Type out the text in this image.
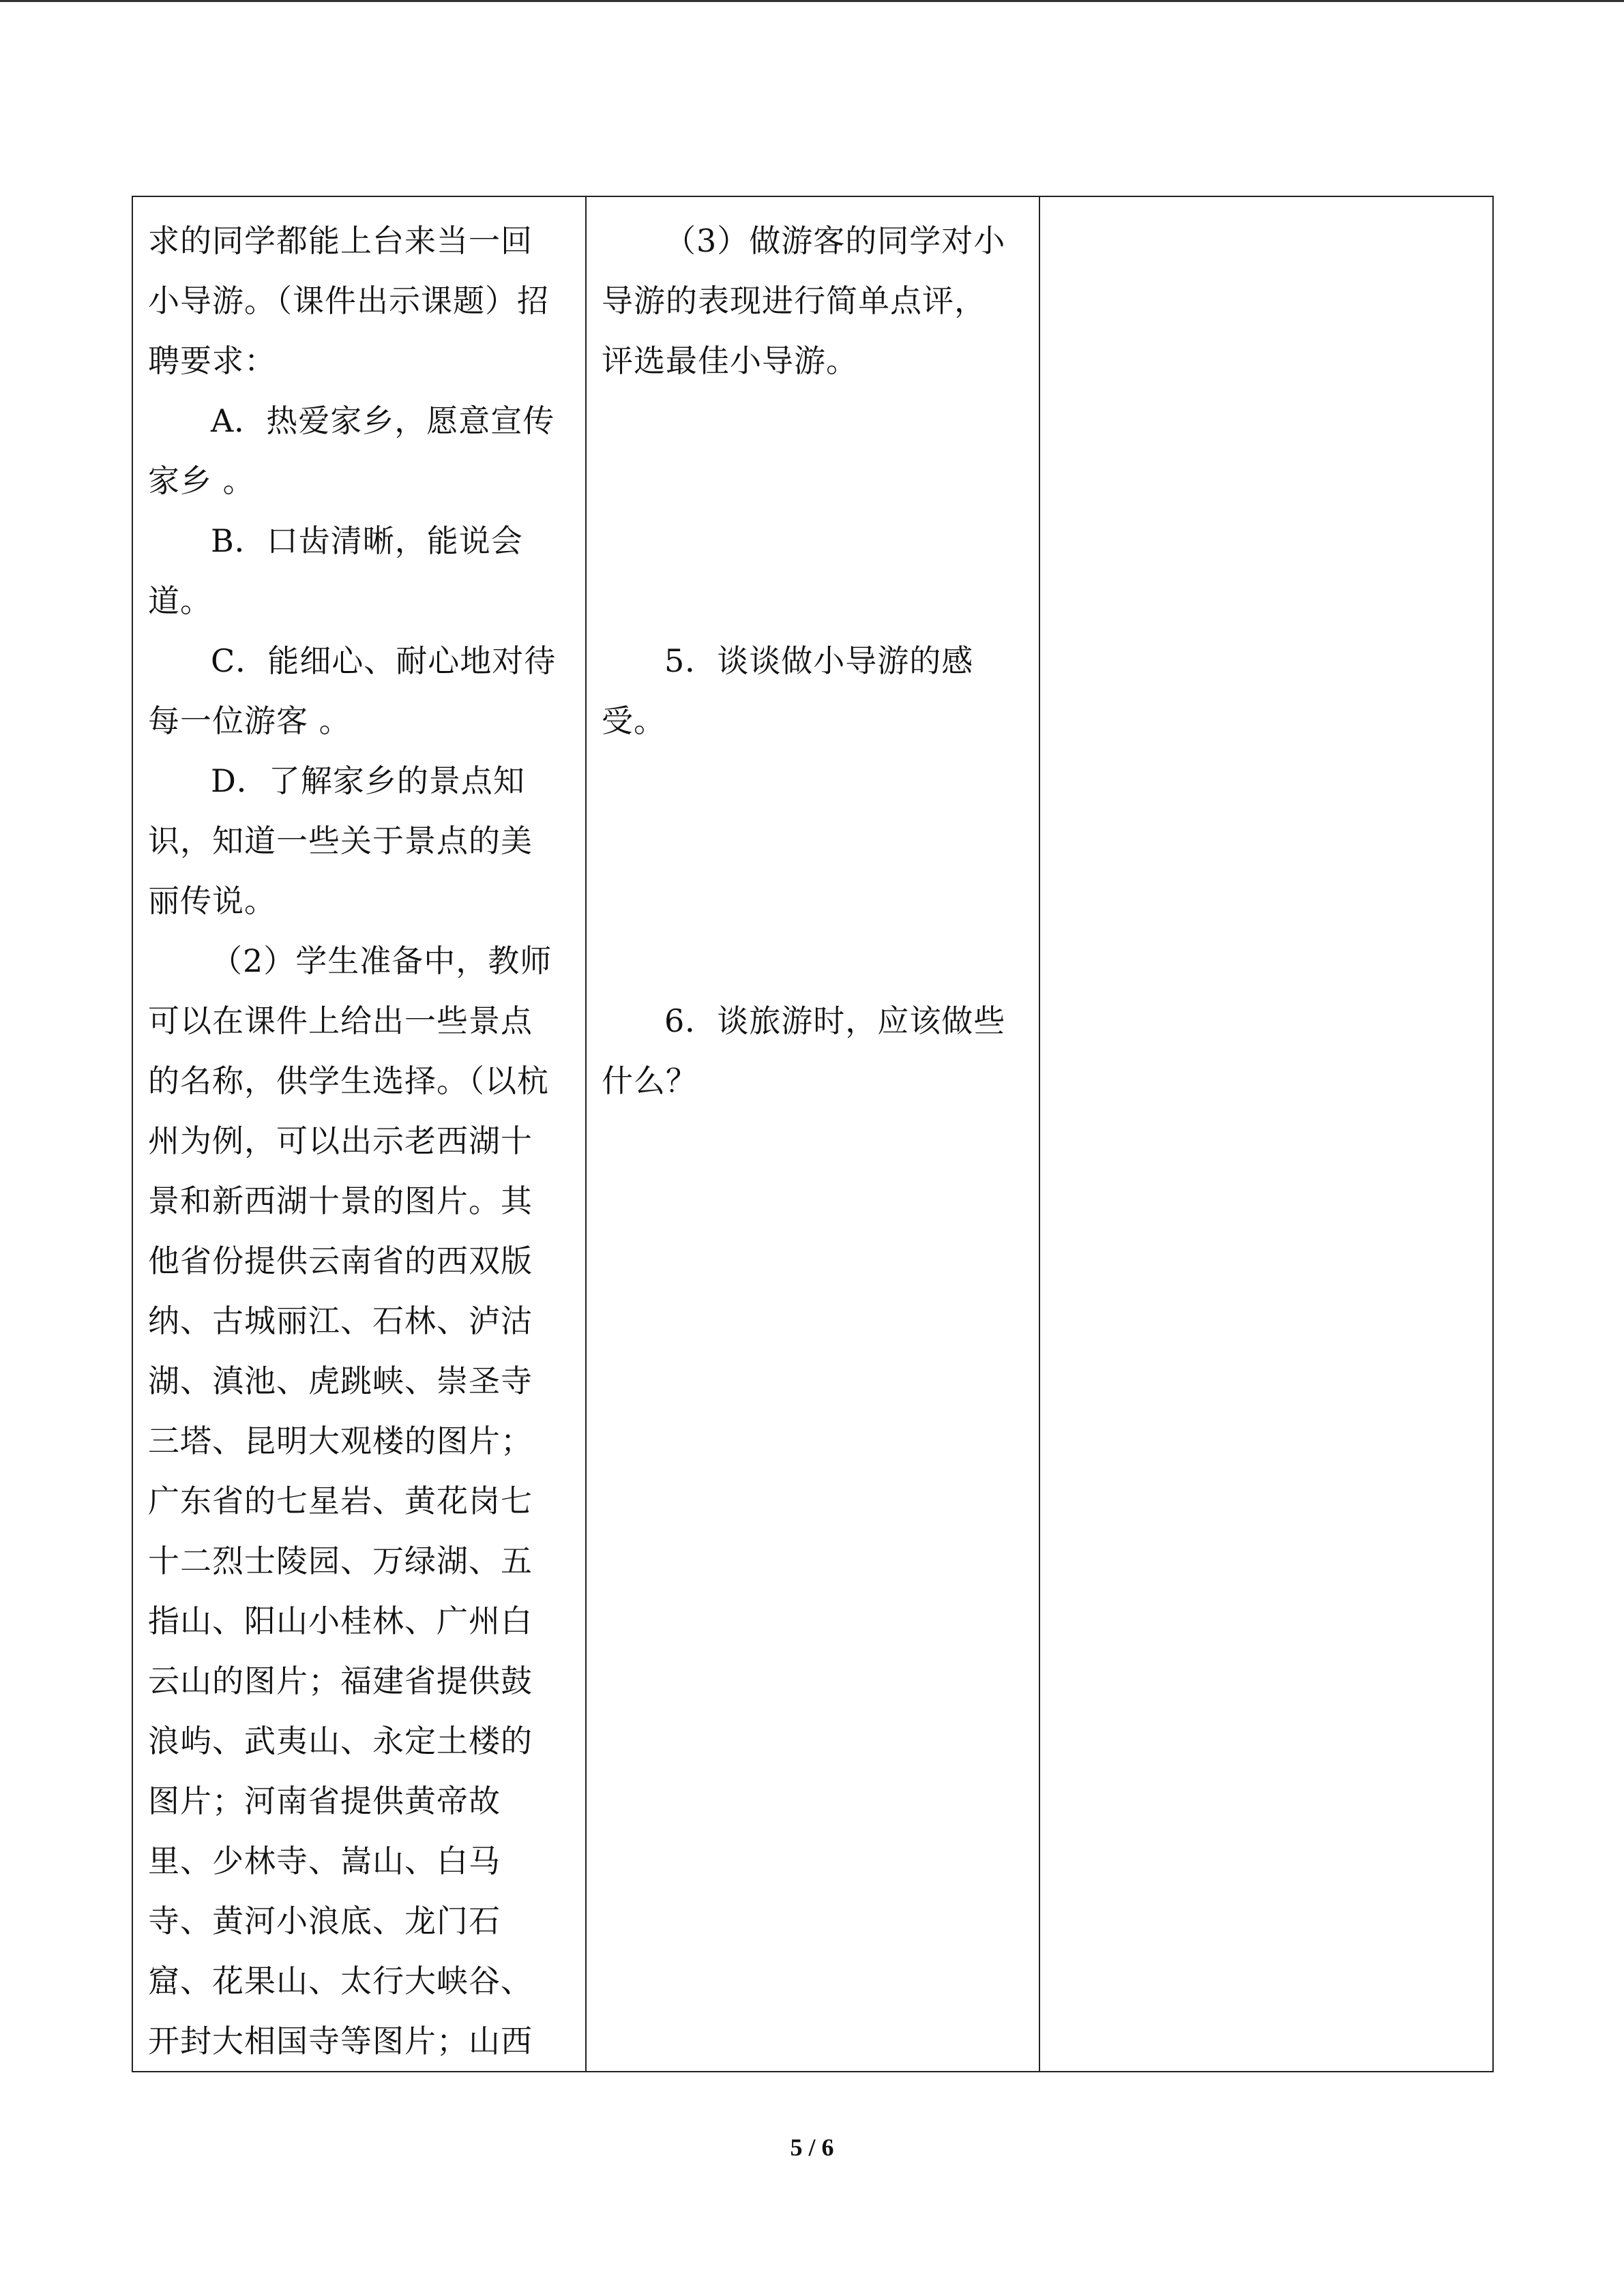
求的同学都能上台来当一回
小导游。（课件出示课题）招
聘要求：
A．热爱家乡，愿意宣传
家乡 。
B．口齿清晰，能说会
道。
C．能细心、耐心地对待
每一位游客 。
D．了解家乡的景点知
识，知道一些关于景点的美
丽传说。
（2）学生准备中，教师
可以在课件上给出一些景点
的名称，供学生选择。（以杭
州为例，可以出示老西湖十
景和新西湖十景的图片。其
他省份提供云南省的西双版
纳、古城丽江、石林、泸沽
湖、滇池、虎跳峡、崇圣寺
三塔、昆明大观楼的图片；
广东省的七星岩、黄花岗七
十二烈士陵园、万绿湖、五
指山、阳山小桂林、广州白
云山的图片；福建省提供鼓
浪屿、武夷山、永定土楼的
图片；河南省提供黄帝故
里、少林寺、嵩山、白马
寺、黄河小浪底、龙门石
窟、花果山、太行大峡谷、
开封大相国寺等图片；山西

（3）做游客的同学对小
导游的表现进行简单点评，
评选最佳小导游。
5．谈谈做小导游的感
受。
6．谈旅游时，应该做些
什么？

5 / 6
